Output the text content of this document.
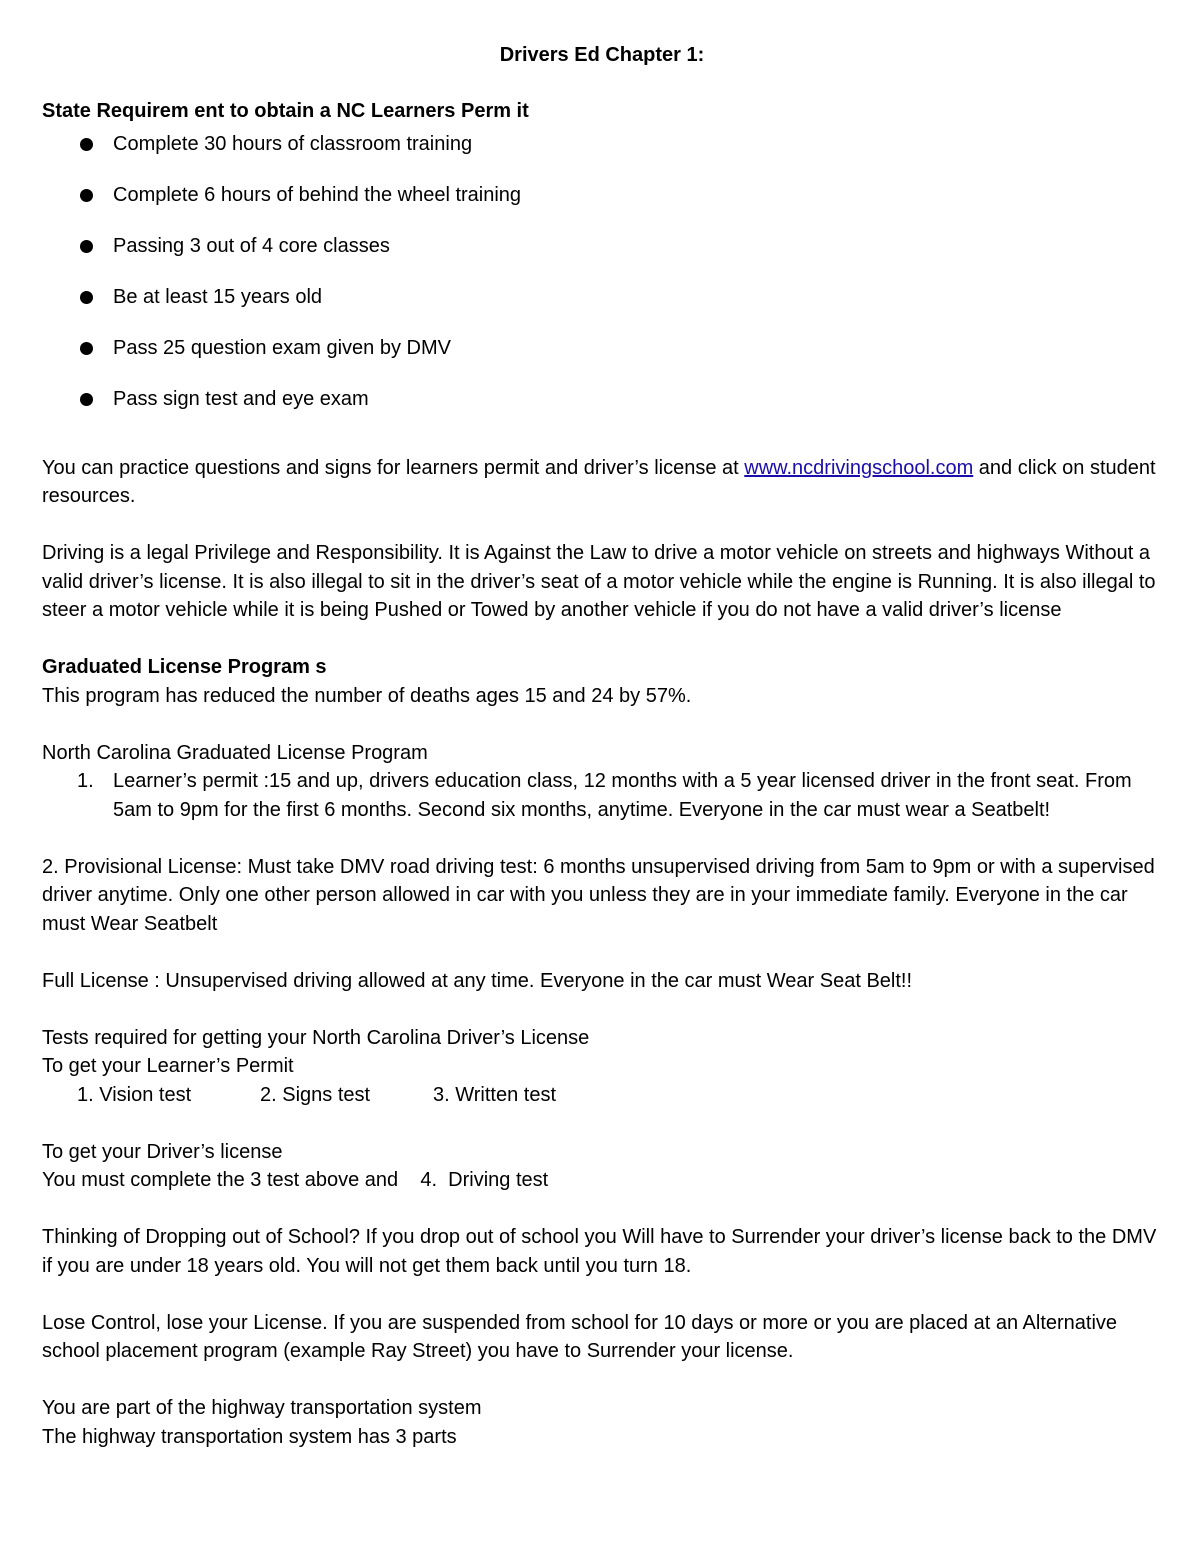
Drivers Ed Chapter 1:

State Requirem ent to obtain a NC Learners Perm it

Complete 30 hours of classroom training
Complete 6 hours of behind the wheel training
Passing 3 out of 4 core classes
Be at least 15 years old
Pass 25 question exam given by DMV
Pass sign test and eye exam

You can practice questions and signs for learners permit and driver’s license at www.ncdrivingschool.com and click on student resources.

Driving is a legal Privilege and Responsibility. It is Against the Law to drive a motor vehicle on streets and highways Without a valid driver’s license. It is also illegal to sit in the driver’s seat of a motor vehicle while the engine is Running. It is also illegal to steer a motor vehicle while it is being Pushed or Towed by another vehicle if you do not have a valid driver’s license

Graduated License Program s

This program has reduced the number of deaths ages 15 and 24 by 57%.

North Carolina Graduated License Program

1. Learner’s permit :15 and up, drivers education class, 12 months with a 5 year licensed driver in the front seat. From 5am to 9pm for the first 6 months. Second six months, anytime. Everyone in the car must wear a Seatbelt!

2. Provisional License: Must take DMV road driving test: 6 months unsupervised driving from 5am to 9pm or with a supervised driver anytime. Only one other person allowed in car with you unless they are in your immediate family. Everyone in the car must Wear Seatbelt

Full License : Unsupervised driving allowed at any time. Everyone in the car must Wear Seat Belt!!

Tests required for getting your North Carolina Driver’s License

To get your Learner’s Permit

1. Vision test	2. Signs test	3. Written test

To get your Driver’s license

You must complete the 3 test above and    4.  Driving test

Thinking of Dropping out of School? If you drop out of school you Will have to Surrender your driver’s license back to the DMV if you are under 18 years old. You will not get them back until you turn 18.

Lose Control, lose your License. If you are suspended from school for 10 days or more or you are placed at an Alternative school placement program (example Ray Street) you have to Surrender your license.

You are part of the highway transportation system

The highway transportation system has 3 parts
